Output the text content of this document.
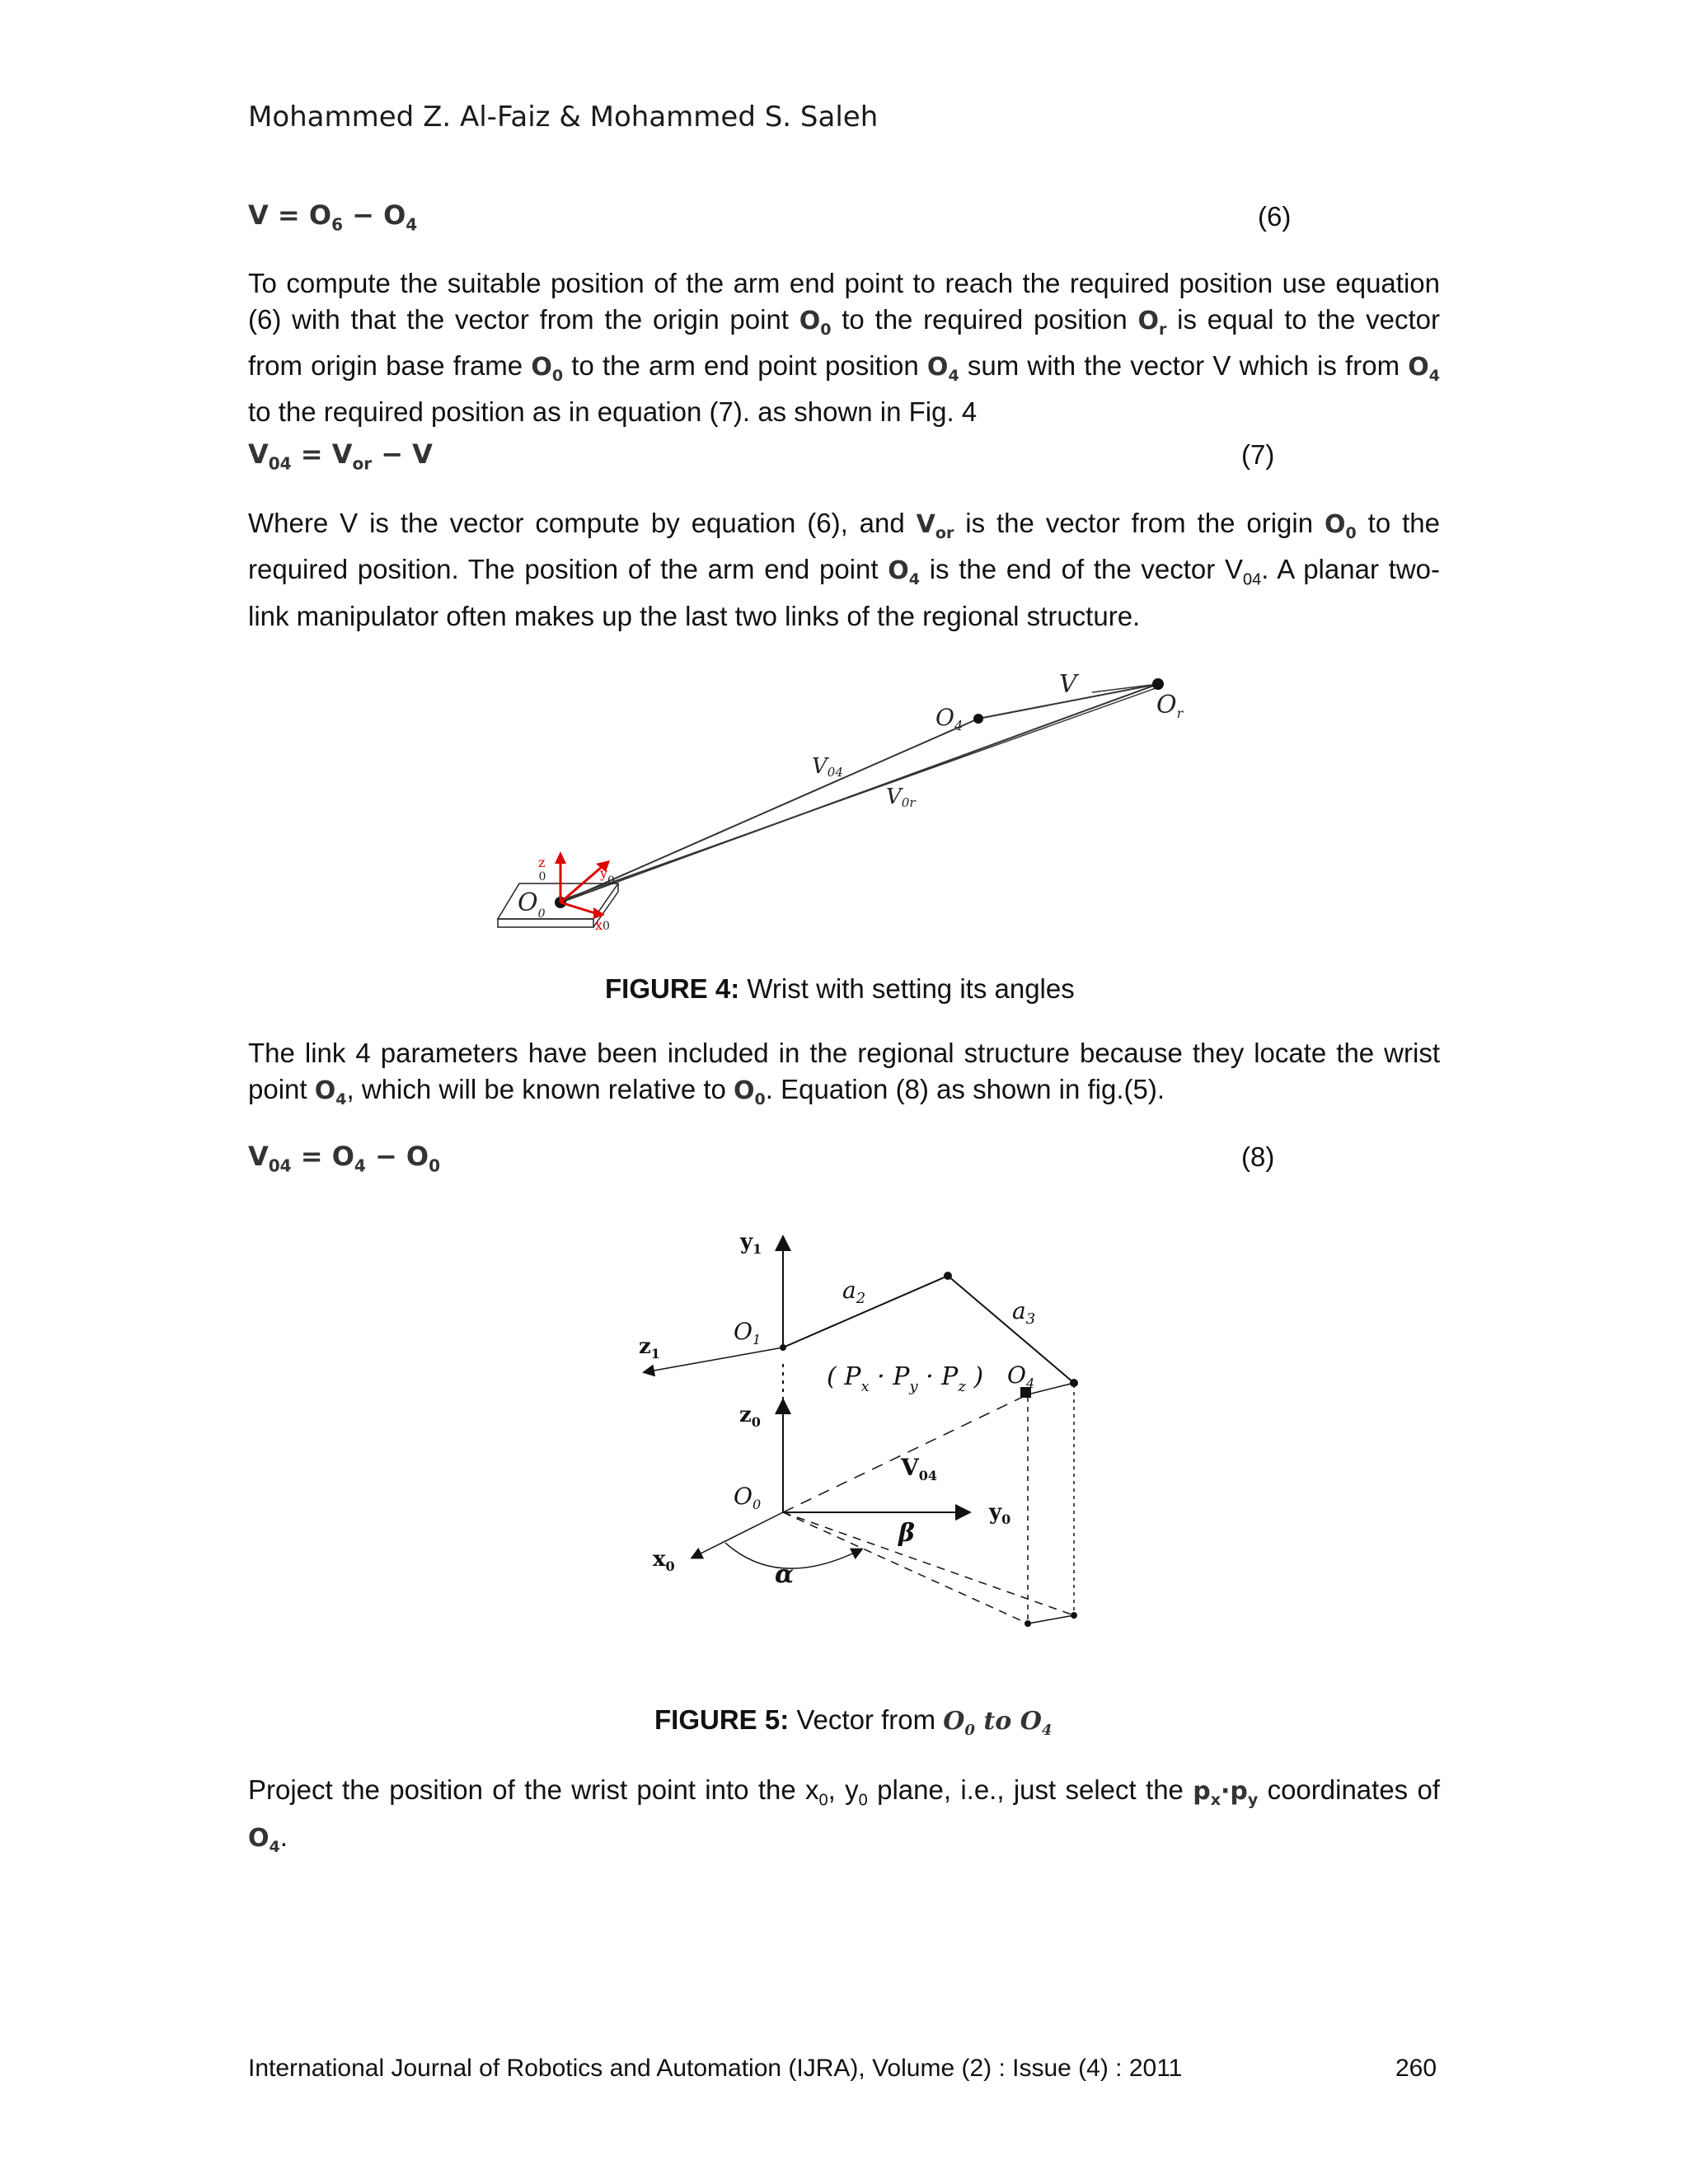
Mohammed Z. Al-Faiz & Mohammed S. Saleh
$V = O_6 - O_4$	(6)

To compute the suitable position of the arm end point to reach the required position use equation (6) with that the vector from the origin point $O_0$ to the required position $O_r$ is equal to the vector from origin base frame $O_0$ to the arm end point position $O_4$ sum with the vector V which is from $O_4$ to the required position as in equation (7). as shown in Fig. 4

$V_{04} = V_{or} - V$	(7)

Where V is the vector compute by equation (6), and $V_{or}$ is the vector from the origin $O_0$ to the required position. The position of the arm end point $O_4$ is the end of the vector $V_{04}$. A planar two-link manipulator often makes up the last two links of the regional structure.

V
$O_4$
$O_r$
V04
V0r
$O_0$
z 0	y0
x0
FIGURE 4: Wrist with setting its angles

The link 4 parameters have been included in the regional structure because they locate the wrist point $O_4$, which will be known relative to $O_0$. Equation (8) as shown in fig.(5).

$V_{04} = O_4 - O_0$	(8)
$y_1$
$z_1$
$a_2$	$a_3$
$O_1$
( $P_x \cdot P_y \cdot P_z$ ) $O_4$
$z_0$
$V_{04}$
$O_0$	$y_0$
$x_0$
β
α
FIGURE 5: Vector from $O_0$ to $O_4$

Project the position of the wrist point into the $x_0$, $y_0$ plane, i.e., just select the $p_x\cdot p_y$ coordinates of $O_4$.

International Journal of Robotics and Automation (IJRA), Volume (2) : Issue (4) : 2011	260
